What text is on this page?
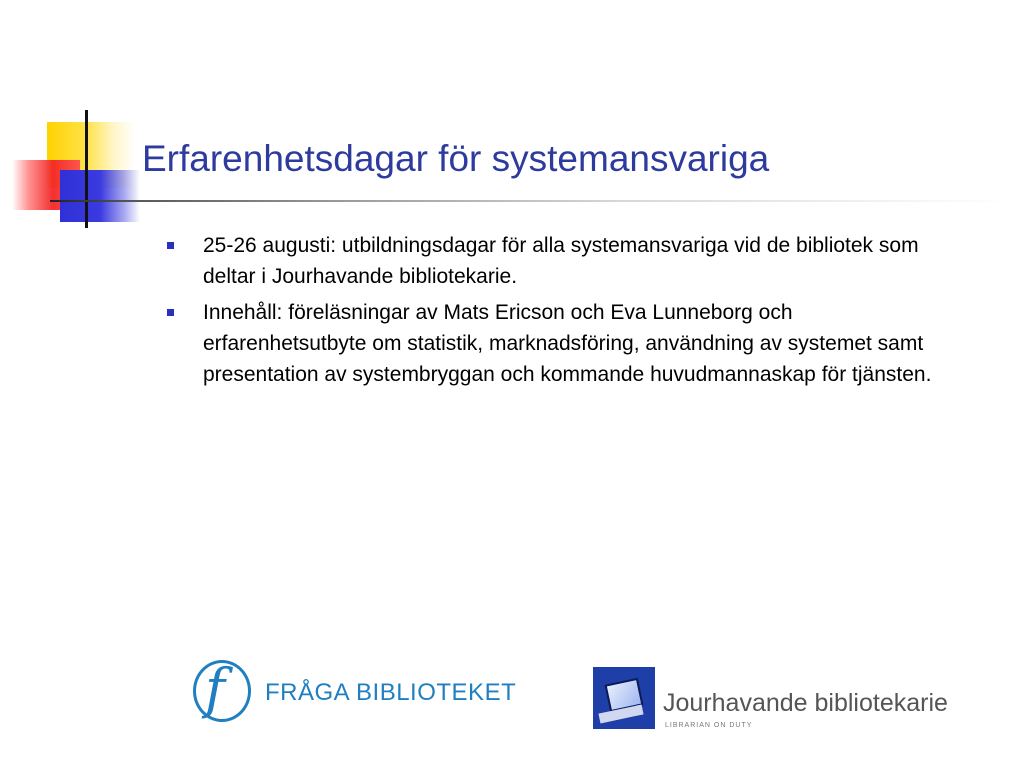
Erfarenhetsdagar för systemansvariga
25-26 augusti: utbildningsdagar för alla systemansvariga vid de bibliotek som deltar i Jourhavande bibliotekarie.
Innehåll: föreläsningar av Mats Ericson och Eva Lunneborg och erfarenhetsutbyte om statistik, marknadsföring, användning av systemet samt presentation av systembryggan och kommande huvudmannaskap för tjänsten.
f FRÅGA BIBLIOTEKET	Jourhavande bibliotekarie
LIBRARIAN ON DUTY
